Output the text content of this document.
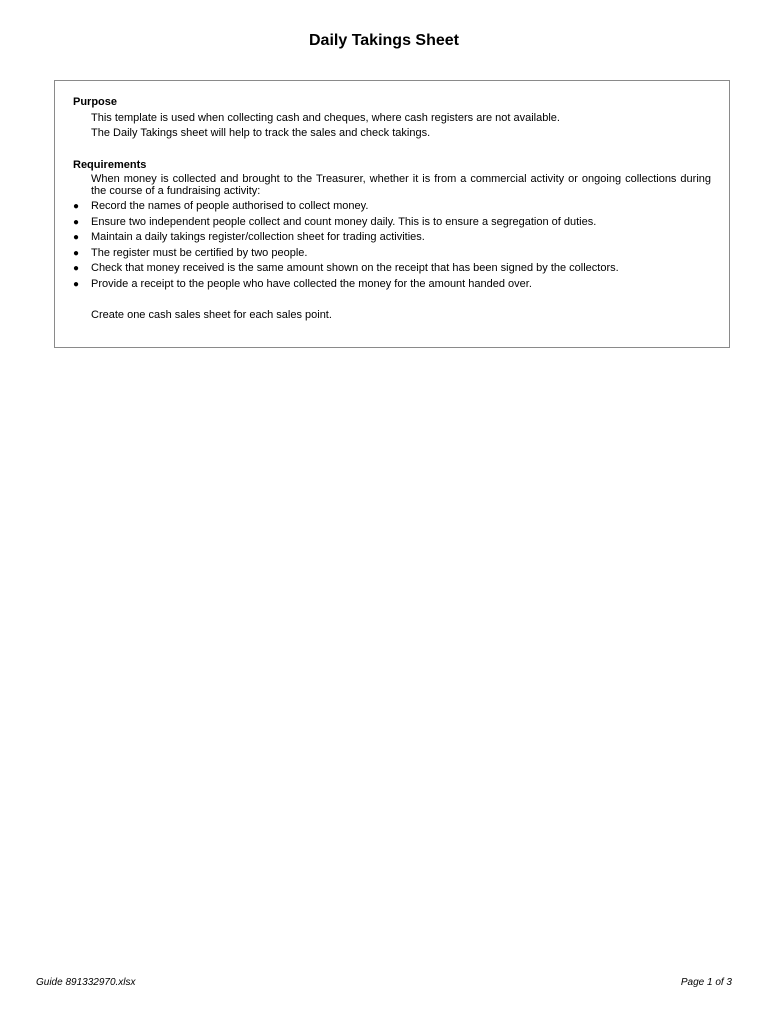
Daily Takings Sheet

Purpose

This template is used when collecting cash and cheques, where cash registers are not available.

The Daily Takings sheet will help to track the sales and check takings.

Requirements

When money is collected and brought to the Treasurer, whether it is from a commercial activity or ongoing collections during the course of a fundraising activity:

● Record the names of people authorised to collect money.
● Ensure two independent people collect and count money daily. This is to ensure a segregation of duties.
● Maintain a daily takings register/collection sheet for trading activities.
● The register must be certified by two people.
● Check that money received is the same amount shown on the receipt that has been signed by the collectors.
● Provide a receipt to the people who have collected the money for the amount handed over.

Create one cash sales sheet for each sales point.

Guide 891332970.xlsx	Page 1 of 3
